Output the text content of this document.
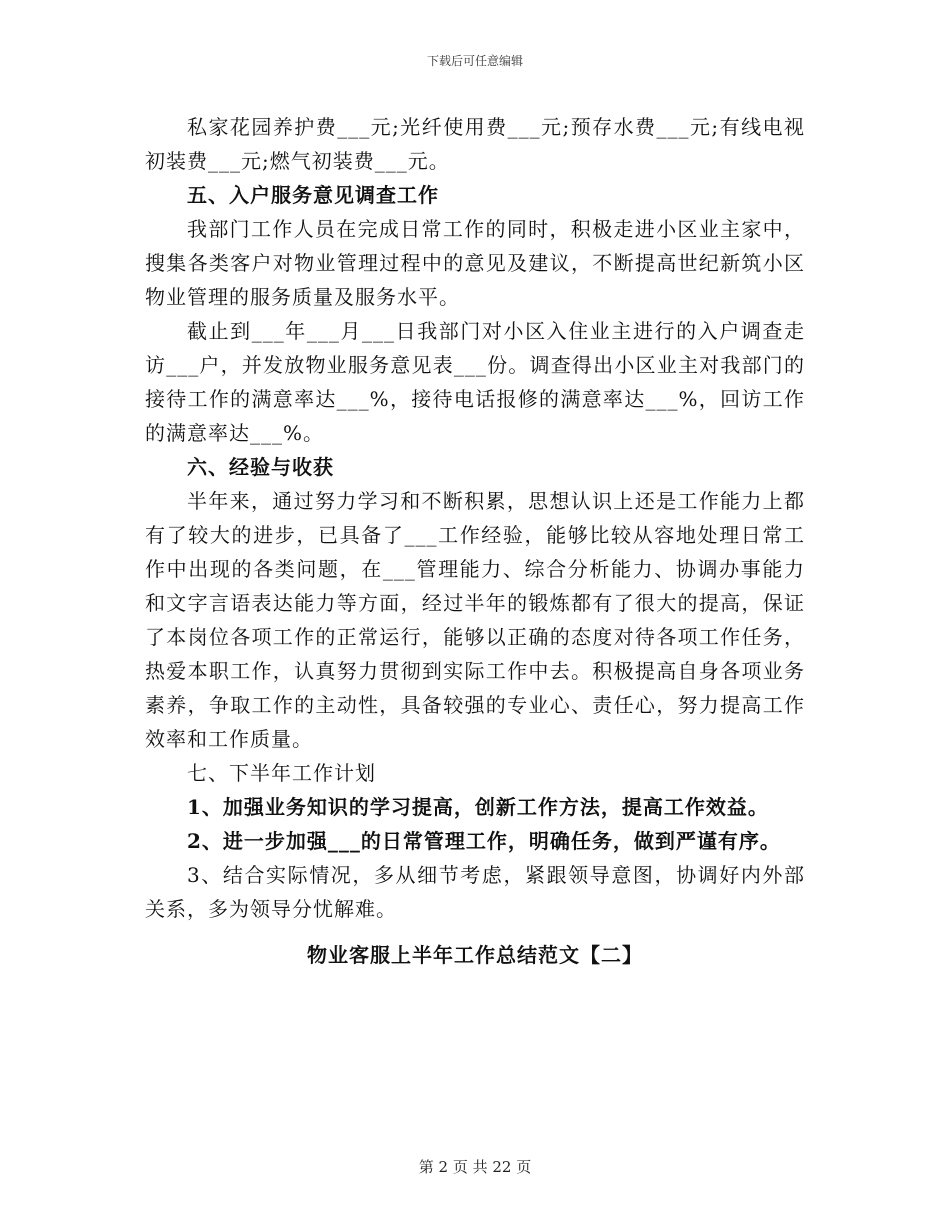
下载后可任意编辑

私家花园养护费___元;光纤使用费___元;预存水费___元;有线电视初装费___元;燃气初装费___元。

五、入户服务意见调查工作

我部门工作人员在完成日常工作的同时，积极走进小区业主家中，搜集各类客户对物业管理过程中的意见及建议，不断提高世纪新筑小区物业管理的服务质量及服务水平。

截止到___年___月___日我部门对小区入住业主进行的入户调查走访___户，并发放物业服务意见表___份。调查得出小区业主对我部门的接待工作的满意率达___%，接待电话报修的满意率达___%，回访工作的满意率达___%。

六、经验与收获

半年来，通过努力学习和不断积累，思想认识上还是工作能力上都有了较大的进步，已具备了___工作经验，能够比较从容地处理日常工作中出现的各类问题，在___管理能力、综合分析能力、协调办事能力和文字言语表达能力等方面，经过半年的锻炼都有了很大的提高，保证了本岗位各项工作的正常运行，能够以正确的态度对待各项工作任务，热爱本职工作，认真努力贯彻到实际工作中去。积极提高自身各项业务素养，争取工作的主动性，具备较强的专业心、责任心，努力提高工作效率和工作质量。

七、下半年工作计划

1、加强业务知识的学习提高，创新工作方法，提高工作效益。

2、进一步加强___的日常管理工作，明确任务，做到严谨有序。

3、结合实际情况，多从细节考虑，紧跟领导意图，协调好内外部关系，多为领导分忧解难。

物业客服上半年工作总结范文【二】

第 2 页 共 22 页
